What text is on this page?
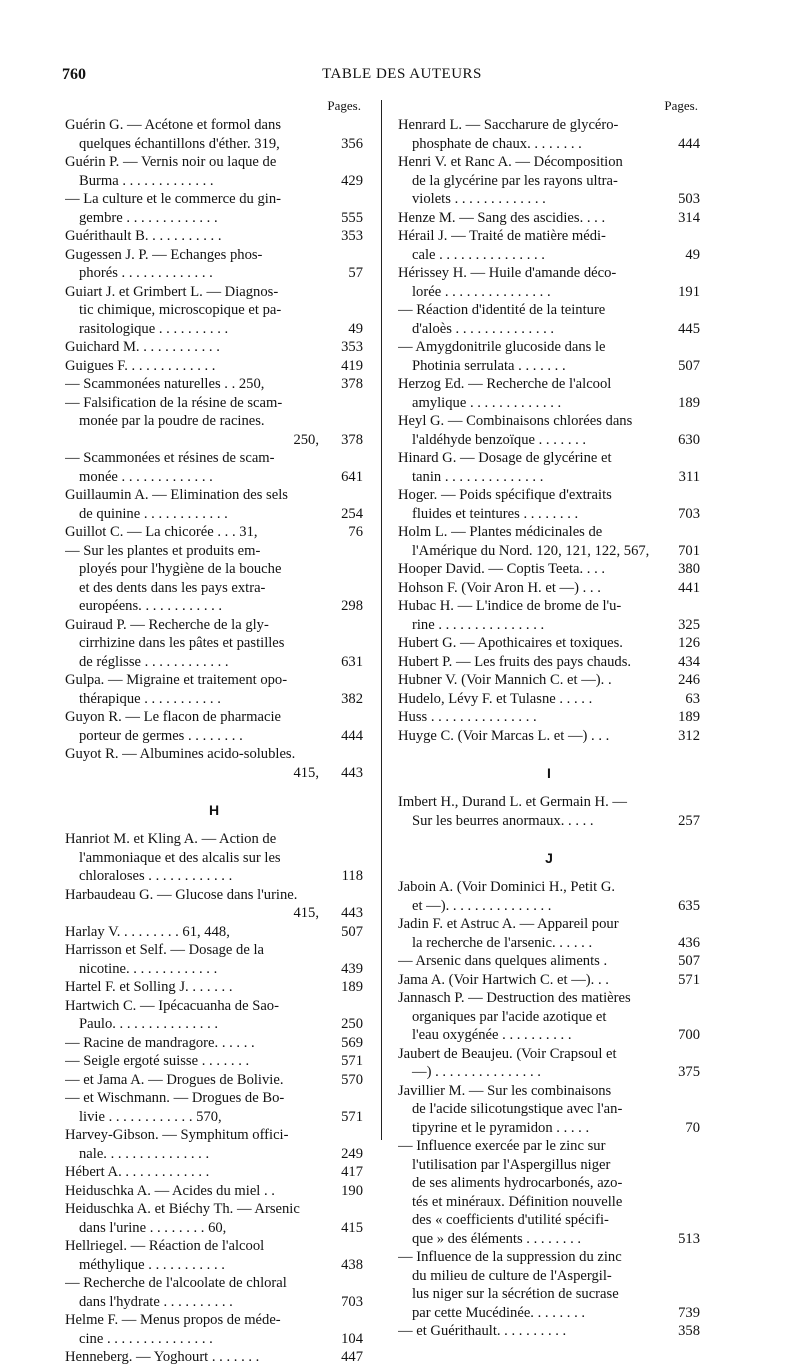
760	TABLE DES AUTEURS
Pages.
Guérin G. — Acétone et formol dans
quelques échantillons d'éther. 319,	356
Guérin P. — Vernis noir ou laque de
Burma . . . . . . . . . . . . .	429
— La culture et le commerce du gin-
gembre . . . . . . . . . . . . .	555
Guérithault B. . . . . . . . . . .	353
Gugessen J. P. — Echanges phos-
phorés . . . . . . . . . . . . .	57
Guiart J. et Grimbert L. — Diagnos-
tic chimique, microscopique et pa-
rasitologique . . . . . . . . . .	49
Guichard M. . . . . . . . . . . .	353
Guigues F. . . . . . . . . . . . .	419
— Scammonées naturelles . . 250,	378
— Falsification de la résine de scam-
monée par la poudre de racines.
250,	378
— Scammonées et résines de scam-
monée . . . . . . . . . . . . .	641
Guillaumin A. — Elimination des sels
de quinine . . . . . . . . . . . .	254
Guillot C. — La chicorée . . . 31,	76
— Sur les plantes et produits em-
ployés pour l'hygiène de la bouche
et des dents dans les pays extra-
européens. . . . . . . . . . . .	298
Guiraud P. — Recherche de la gly-
cirrhizine dans les pâtes et pastilles
de réglisse . . . . . . . . . . . .	631
Gulpa. — Migraine et traitement opo-
thérapique . . . . . . . . . . .	382
Guyon R. — Le flacon de pharmacie
porteur de germes . . . . . . . .	444
Guyot R. — Albumines acido-solubles.
415,	443
H
Hanriot M. et Kling A. — Action de
l'ammoniaque et des alcalis sur les
chloraloses . . . . . . . . . . . .	118
Harbaudeau G. — Glucose dans l'urine.
415,	443
Harlay V. . . . . . . . . 61, 448,	507
Harrisson et Self. — Dosage de la
nicotine. . . . . . . . . . . . .	439
Hartel F. et Solling J. . . . . . .	189
Hartwich C. — Ipécacuanha de Sao-
Paulo. . . . . . . . . . . . . . .	250
— Racine de mandragore. . . . . .	569
— Seigle ergoté suisse . . . . . . .	571
— et Jama A. — Drogues de Bolivie.	570
— et Wischmann. — Drogues de Bo-
livie . . . . . . . . . . . . 570,	571
Harvey-Gibson. — Symphitum offici-
nale. . . . . . . . . . . . . . .	249
Hébert A. . . . . . . . . . . . .	417
Heiduschka A. — Acides du miel . .	190
Heiduschka A. et Biéchy Th. — Arsenic
dans l'urine . . . . . . . . 60,	415
Hellriegel. — Réaction de l'alcool
méthylique . . . . . . . . . . .	438
— Recherche de l'alcoolate de chloral
dans l'hydrate . . . . . . . . . .	703
Helme F. — Menus propos de méde-
cine . . . . . . . . . . . . . . .	104
Henneberg. — Yoghourt . . . . . . .	447
Pages.
Henrard L. — Saccharure de glycéro-
phosphate de chaux. . . . . . . .	444
Henri V. et Ranc A. — Décomposition
de la glycérine par les rayons ultra-
violets . . . . . . . . . . . . .	503
Henze M. — Sang des ascidies. . . .	314
Hérail J. — Traité de matière médi-
cale . . . . . . . . . . . . . . .	49
Hérissey H. — Huile d'amande déco-
lorée . . . . . . . . . . . . . . .	191
— Réaction d'identité de la teinture
d'aloès . . . . . . . . . . . . . .	445
— Amygdonitrile glucoside dans le
Photinia serrulata . . . . . . .	507
Herzog Ed. — Recherche de l'alcool
amylique . . . . . . . . . . . . .	189
Heyl G. — Combinaisons chlorées dans
l'aldéhyde benzoïque . . . . . . .	630
Hinard G. — Dosage de glycérine et
tanin . . . . . . . . . . . . . .	311
Hoger. — Poids spécifique d'extraits
fluides et teintures . . . . . . . .	703
Holm L. — Plantes médicinales de
l'Amérique du Nord. 120, 121, 122, 567,	701
Hooper David. — Coptis Teeta. . . .	380
Hohson F. (Voir Aron H. et —) . . .	441
Hubac H. — L'indice de brome de l'u-
rine . . . . . . . . . . . . . . .	325
Hubert G. — Apothicaires et toxiques.	126
Hubert P. — Les fruits des pays chauds.	434
Hubner V. (Voir Mannich C. et —). .	246
Hudelo, Lévy F. et Tulasne . . . . .	63
Huss . . . . . . . . . . . . . . .	189
Huyge C. (Voir Marcas L. et —) . . .	312
I
Imbert H., Durand L. et Germain H. —
Sur les beurres anormaux. . . . .	257
J
Jaboin A. (Voir Dominici H., Petit G.
et —). . . . . . . . . . . . . . .	635
Jadin F. et Astruc A. — Appareil pour
la recherche de l'arsenic. . . . . .	436
— Arsenic dans quelques aliments .	507
Jama A. (Voir Hartwich C. et —). . .	571
Jannasch P. — Destruction des matières
organiques par l'acide azotique et
l'eau oxygénée . . . . . . . . . .	700
Jaubert de Beaujeu. (Voir Crapsoul et
—) . . . . . . . . . . . . . . .	375
Javillier M. — Sur les combinaisons
de l'acide silicotungstique avec l'an-
tipyrine et le pyramidon . . . . .	70
— Influence exercée par le zinc sur
l'utilisation par l'Aspergillus niger
de ses aliments hydrocarbonés, azo-
tés et minéraux. Définition nouvelle
des « coefficients d'utilité spécifi-
que » des éléments . . . . . . . .	513
— Influence de la suppression du zinc
du milieu de culture de l'Aspergil-
lus niger sur la sécrétion de sucrase
par cette Mucédinée. . . . . . . .	739
— et Guérithault. . . . . . . . . .	358
